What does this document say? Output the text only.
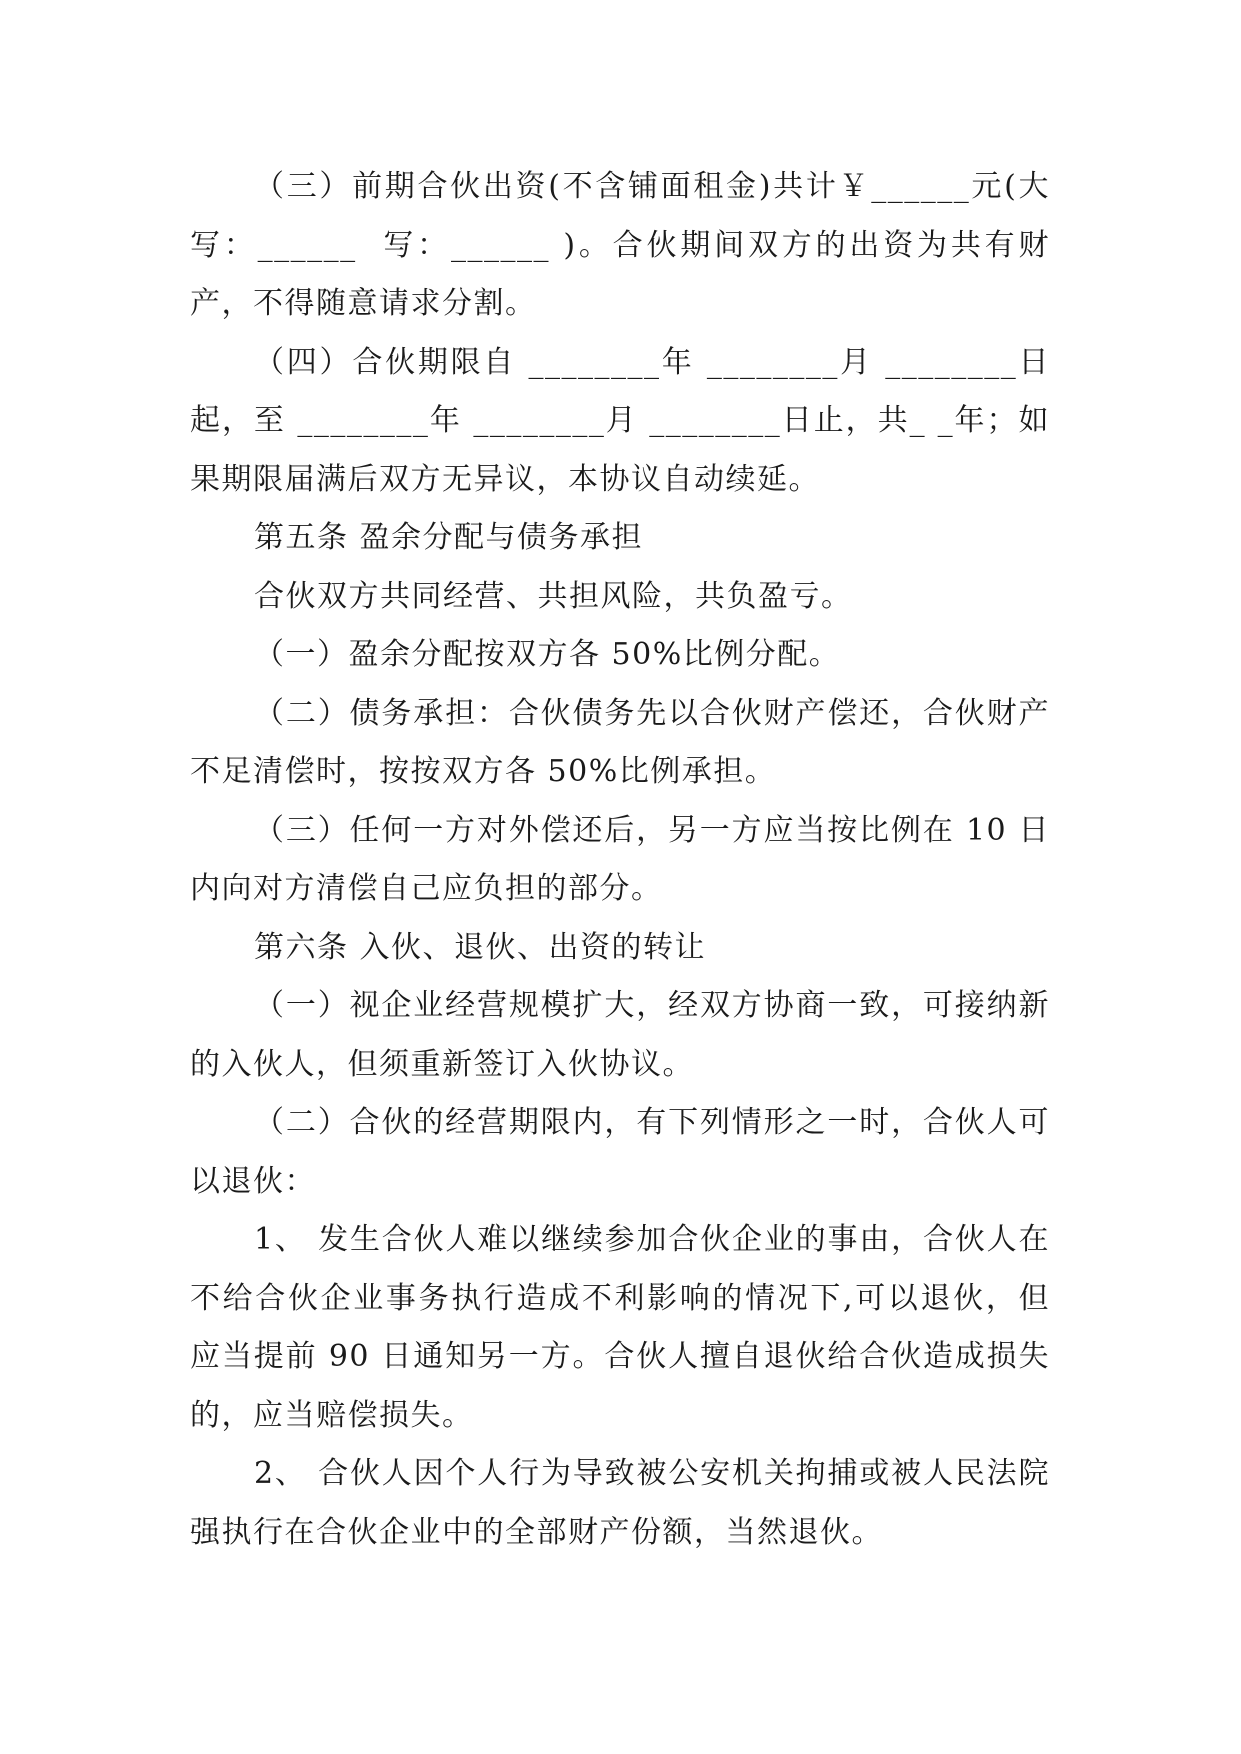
（三）前期合伙出资(不含铺面租金)共计￥______元(大写：______  写：______ )。合伙期间双方的出资为共有财产，不得随意请求分割。

（四）合伙期限自 ________年 ________月 ________日起，至 ________年 ________月 ________日止，共_ _年；如果期限届满后双方无异议，本协议自动续延。

第五条 盈余分配与债务承担

合伙双方共同经营、共担风险，共负盈亏。

（一）盈余分配按双方各 50%比例分配。

（二）债务承担：合伙债务先以合伙财产偿还，合伙财产不足清偿时，按按双方各 50%比例承担。

（三）任何一方对外偿还后，另一方应当按比例在 10 日内向对方清偿自己应负担的部分。

第六条 入伙、退伙、出资的转让

（一）视企业经营规模扩大，经双方协商一致，可接纳新的入伙人，但须重新签订入伙协议。

（二）合伙的经营期限内，有下列情形之一时，合伙人可以退伙：

1、 发生合伙人难以继续参加合伙企业的事由，合伙人在不给合伙企业事务执行造成不利影响的情况下,可以退伙，但应当提前 90 日通知另一方。合伙人擅自退伙给合伙造成损失的，应当赔偿损失。

2、 合伙人因个人行为导致被公安机关拘捕或被人民法院强执行在合伙企业中的全部财产份额，当然退伙。
